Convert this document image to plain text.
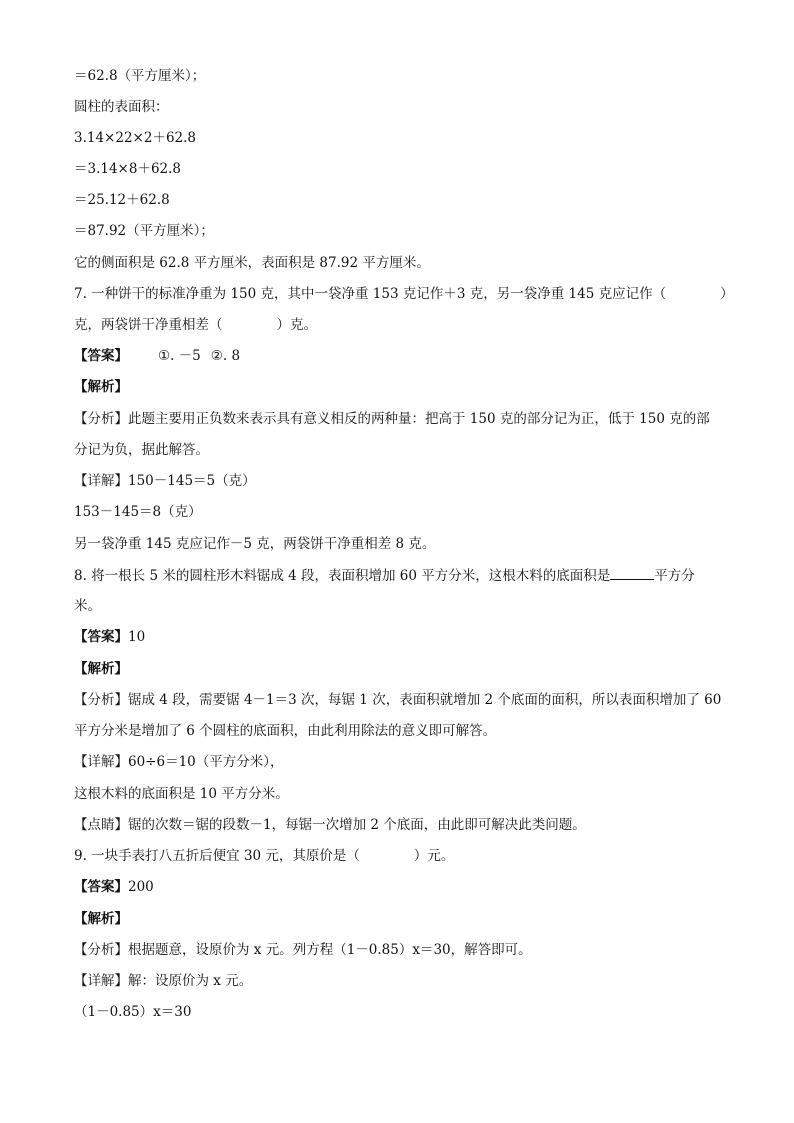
＝62.8（平方厘米）；
圆柱的表面积：
3.14×22×2＋62.8
＝3.14×8＋62.8
＝25.12＋62.8
＝87.92（平方厘米）；
它的侧面积是 62.8 平方厘米，表面积是 87.92 平方厘米。
7. 一种饼干的标准净重为 150 克，其中一袋净重 153 克记作＋3 克，另一袋净重 145 克应记作（　　　　）
克，两袋饼干净重相差（　　　　）克。
【答案】 ①. －5 ②. 8
【解析】
【分析】此题主要用正负数来表示具有意义相反的两种量：把高于 150 克的部分记为正，低于 150 克的部
分记为负，据此解答。
【详解】150－145＝5（克）
153－145＝8（克）
另一袋净重 145 克应记作－5 克，两袋饼干净重相差 8 克。
8. 将一根长 5 米的圆柱形木料锯成 4 段，表面积增加 60 平方分米，这根木料的底面积是	平方分
米。
【答案】10
【解析】
【分析】锯成 4 段，需要锯 4－1＝3 次，每锯 1 次，表面积就增加 2 个底面的面积，所以表面积增加了 60
平方分米是增加了 6 个圆柱的底面积，由此利用除法的意义即可解答。
【详解】60÷6＝10（平方分米），
这根木料的底面积是 10 平方分米。
【点睛】锯的次数＝锯的段数－1，每锯一次增加 2 个底面，由此即可解决此类问题。
9. 一块手表打八五折后便宜 30 元，其原价是（　　　　）元。
【答案】200
【解析】
【分析】根据题意，设原价为 x 元。列方程（1－0.85）x＝30，解答即可。
【详解】解：设原价为 x 元。
（1－0.85）x＝30
